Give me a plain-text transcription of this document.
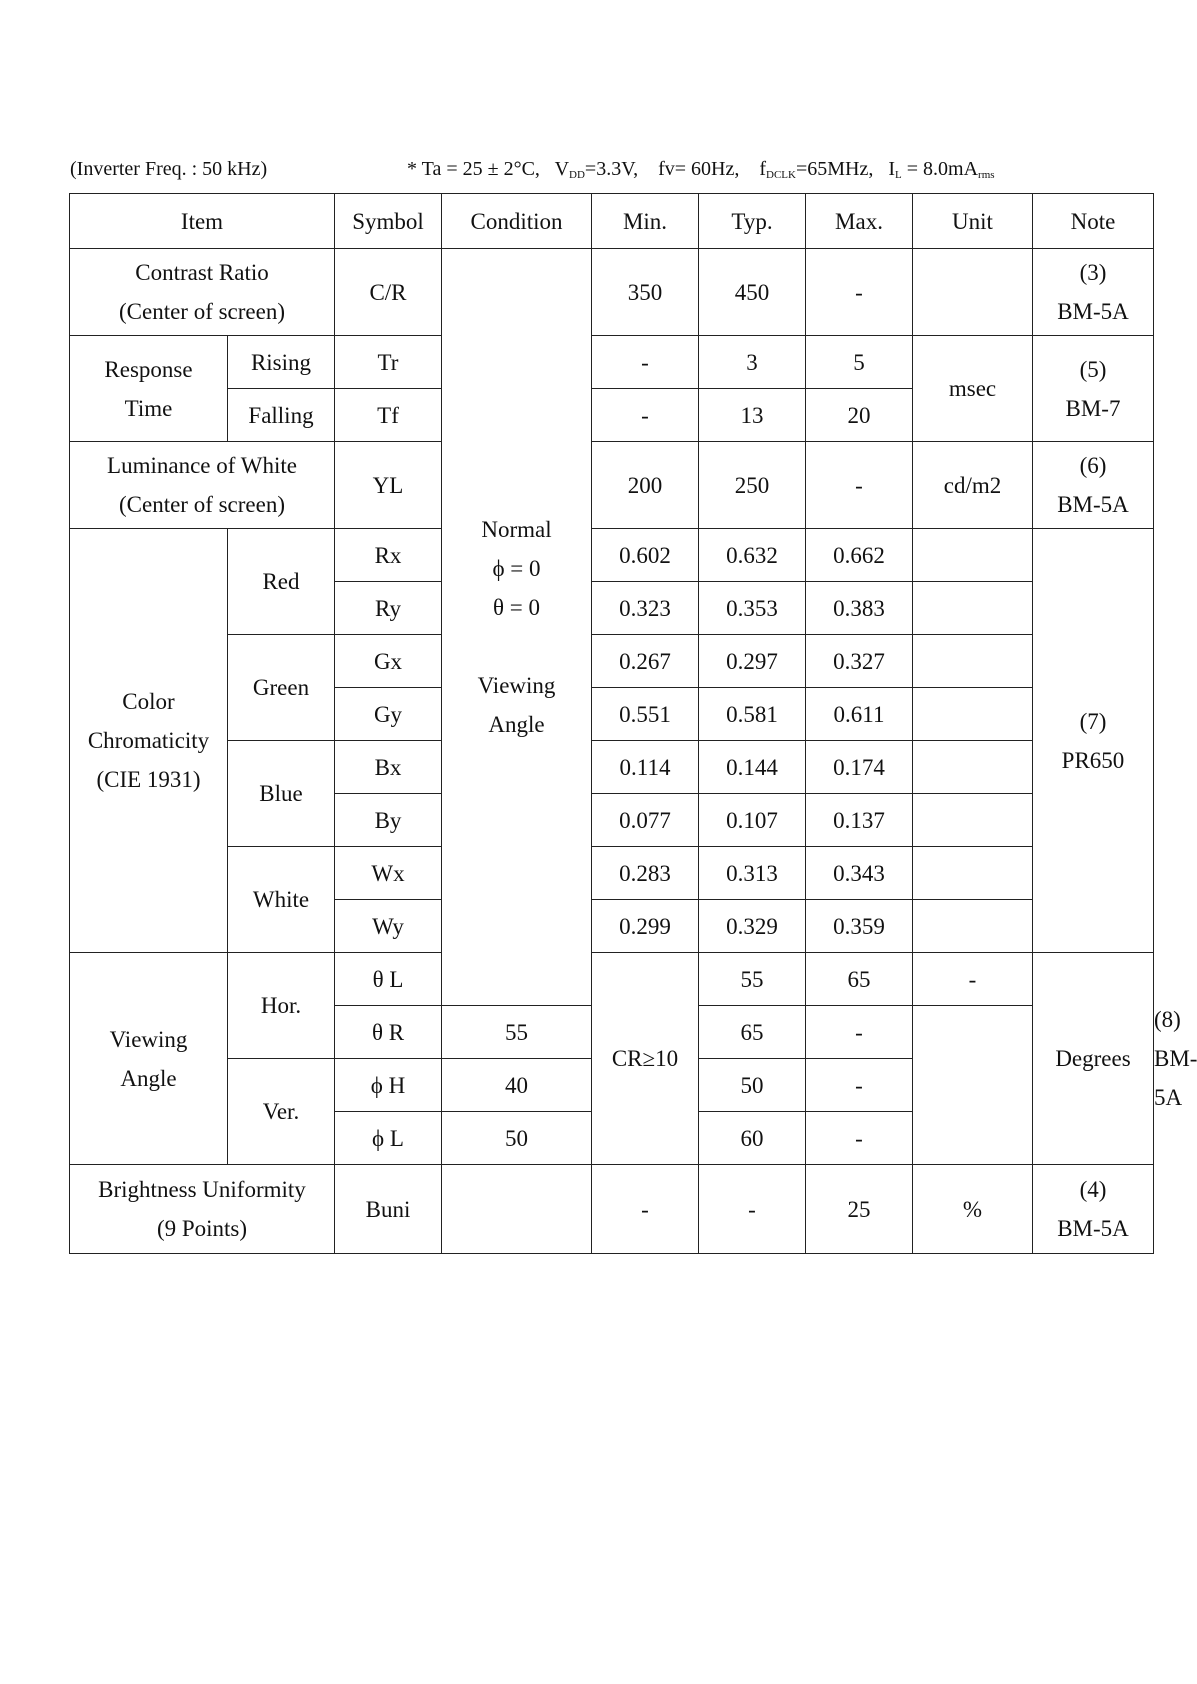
(Inverter Freq. : 50 kHz)	* Ta = 25 ± 2°C, VDD=3.3V, fv= 60Hz, fDCLK=65MHz, IL = 8.0mArms
Item		Symbol	Condition	Min.	Typ.	Max.	Unit	Note	

Contrast Ratio
(Center of screen)		C/R	Normal
ϕ = 0
θ = 0

Viewing
Angle	350	450	-		(3)
BM-5A	

Response
Time	Rising	Tr		-	3	5	msec	(5)
BM-7	

	Falling	Tf		-	13	20			

Luminance of White
(Center of screen)		YL		200	250	-	cd/m2	(6)
BM-5A	

Color
Chromaticity
(CIE 1931)	Red	Rx		0.602	0.632	0.662		(7)
PR650	

		Ry		0.323	0.353	0.383			
	Green	Gx		0.267	0.297	0.327			
		Gy		0.551	0.581	0.611			
	Blue	Bx		0.114	0.144	0.174			
		By		0.077	0.107	0.137			
	White	Wx		0.283	0.313	0.343			
		Wy		0.299	0.329	0.359			

Viewing
Angle	Hor.	θ L		CR≥10	55	65	-	Degrees	(8)
BM-5A

		θ R	55		65	-			
	Ver.	ϕ H	40		50	-			
		ϕ L	50		60	-			

Brightness Uniformity
(9 Points)		Buni		-	-	25	%	(4)
BM-5A	
